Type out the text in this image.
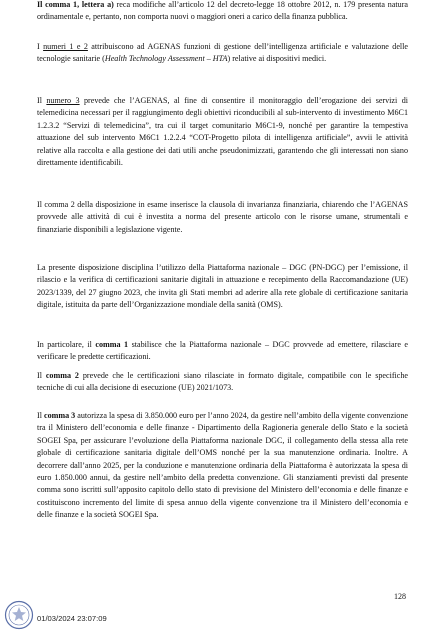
Il comma 1, lettera a) reca modifiche all’articolo 12 del decreto-legge 18 ottobre 2012, n. 179 presenta natura ordinamentale e, pertanto, non comporta nuovi o maggiori oneri a carico della finanza pubblica.

I numeri 1 e 2 attribuiscono ad AGENAS funzioni di gestione dell’intelligenza artificiale e valutazione delle tecnologie sanitarie (Health Technology Assessment – HTA) relative ai dispositivi medici.

Il numero 3 prevede che l’AGENAS, al fine di consentire il monitoraggio dell’erogazione dei servizi di telemedicina necessari per il raggiungimento degli obiettivi riconducibili al sub-intervento di investimento M6C1 1.2.3.2 “Servizi di telemedicina”, tra cui il target comunitario M6C1-9, nonché per garantire la tempestiva attuazione del sub intervento M6C1 1.2.2.4 “COT-Progetto pilota di intelligenza artificiale”, avvii le attività relative alla raccolta e alla gestione dei dati utili anche pseudonimizzati, garantendo che gli interessati non siano direttamente identificabili.

Il comma 2 della disposizione in esame inserisce la clausola di invarianza finanziaria, chiarendo che l’AGENAS provvede alle attività di cui è investita a norma del presente articolo con le risorse umane, strumentali e finanziarie disponibili a legislazione vigente.

La presente disposizione disciplina l’utilizzo della Piattaforma nazionale – DGC (PN-DGC) per l’emissione, il rilascio e la verifica di certificazioni sanitarie digitali in attuazione e recepimento della Raccomandazione (UE) 2023/1339, del 27 giugno 2023, che invita gli Stati membri ad aderire alla rete globale di certificazione sanitaria digitale, istituita da parte dell’Organizzazione mondiale della sanità (OMS).

In particolare, il comma 1 stabilisce che la Piattaforma nazionale – DGC provvede ad emettere, rilasciare e verificare le predette certificazioni.

Il comma 2 prevede che le certificazioni siano rilasciate in formato digitale, compatibile con le specifiche tecniche di cui alla decisione di esecuzione (UE) 2021/1073.

Il comma 3 autorizza la spesa di 3.850.000 euro per l’anno 2024, da gestire nell’ambito della vigente convenzione tra il Ministero dell’economia e delle finanze - Dipartimento della Ragioneria generale dello Stato e la società SOGEI Spa, per assicurare l’evoluzione della Piattaforma nazionale DGC, il collegamento della stessa alla rete globale di certificazione sanitaria digitale dell’OMS nonché per la sua manutenzione ordinaria. Inoltre. A decorrere dall’anno 2025, per la conduzione e manutenzione ordinaria della Piattaforma è autorizzata la spesa di euro 1.850.000 annui, da gestire nell’ambito della predetta convenzione. Gli stanziamenti previsti dal presente comma sono iscritti sull’apposito capitolo dello stato di previsione del Ministero dell’economia e delle finanze e costituiscono incremento del limite di spesa annuo della vigente convenzione tra il Ministero dell’economia e delle finanze e la società SOGEI Spa.

128
01/03/2024 23:07:09
